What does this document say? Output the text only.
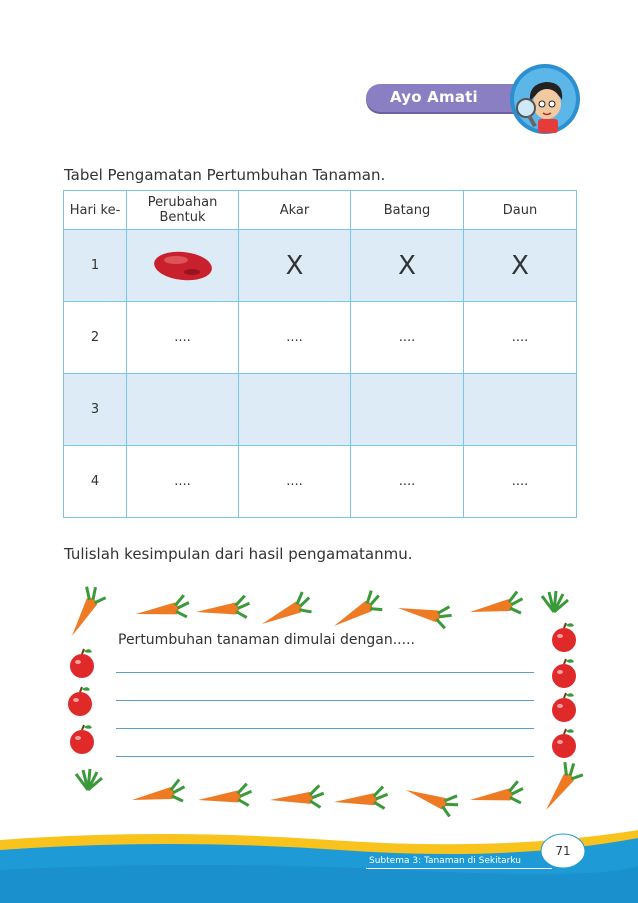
Ayo Amati
Tabel Pengamatan Pertumbuhan Tanaman.
Hari ke-	Perubahan Bentuk	Akar	Batang	Daun
1		X	X	X
2	....	....	....	....
3				
4	....	....	....	....
Tulislah kesimpulan dari hasil pengamatanmu.
Pertumbuhan tanaman dimulai dengan.....
Subtema 3: Tanaman di Sekitarku
71
